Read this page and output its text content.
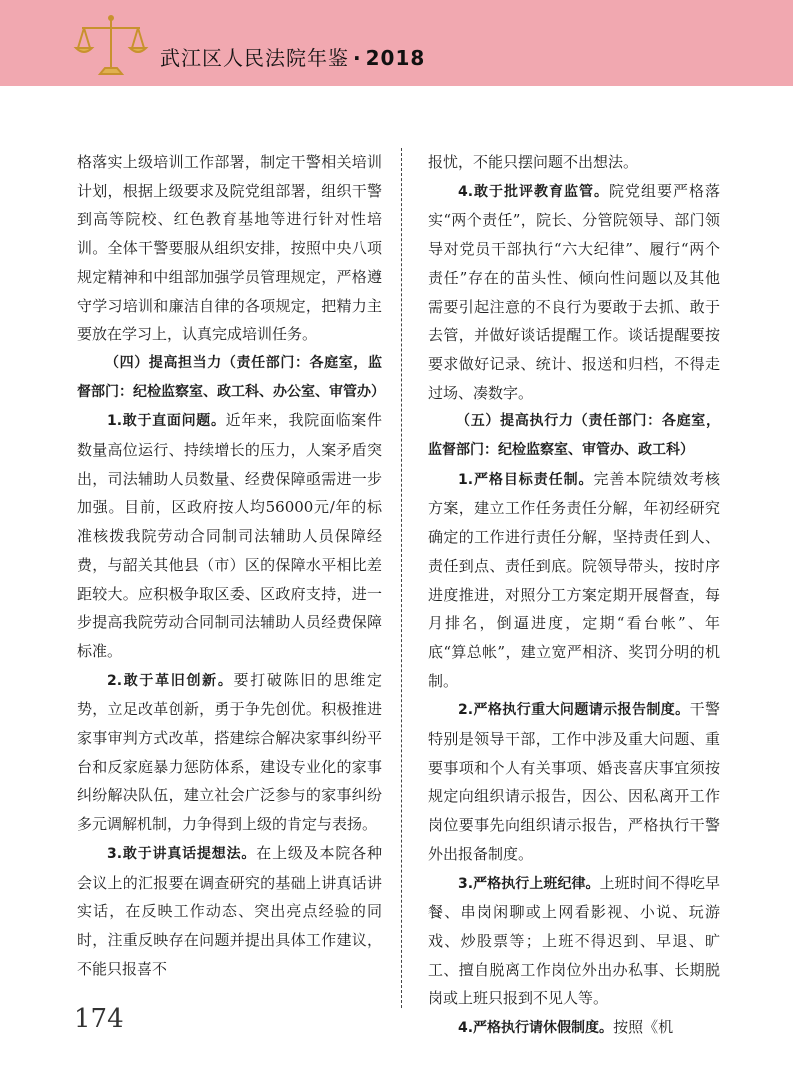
武江区人民法院年鉴 · 2018

格落实上级培训工作部署，制定干警相关培训计划，根据上级要求及院党组部署，组织干警到高等院校、红色教育基地等进行针对性培训。全体干警要服从组织安排，按照中央八项规定精神和中组部加强学员管理规定，严格遵守学习培训和廉洁自律的各项规定，把精力主要放在学习上，认真完成培训任务。

（四）提高担当力（责任部门：各庭室，监督部门：纪检监察室、政工科、办公室、审管办）

1.敢于直面问题。近年来，我院面临案件数量高位运行、持续增长的压力，人案矛盾突出，司法辅助人员数量、经费保障亟需进一步加强。目前，区政府按人均56000元/年的标准核拨我院劳动合同制司法辅助人员保障经费，与韶关其他县（市）区的保障水平相比差距较大。应积极争取区委、区政府支持，进一步提高我院劳动合同制司法辅助人员经费保障标准。

2.敢于革旧创新。要打破陈旧的思维定势，立足改革创新，勇于争先创优。积极推进家事审判方式改革，搭建综合解决家事纠纷平台和反家庭暴力惩防体系，建设专业化的家事纠纷解决队伍，建立社会广泛参与的家事纠纷多元调解机制，力争得到上级的肯定与表扬。

3.敢于讲真话提想法。在上级及本院各种会议上的汇报要在调查研究的基础上讲真话讲实话，在反映工作动态、突出亮点经验的同时，注重反映存在问题并提出具体工作建议，不能只报喜不

报忧，不能只摆问题不出想法。

4.敢于批评教育监管。院党组要严格落实“两个责任”，院长、分管院领导、部门领导对党员干部执行“六大纪律”、履行“两个责任”存在的苗头性、倾向性问题以及其他需要引起注意的不良行为要敢于去抓、敢于去管，并做好谈话提醒工作。谈话提醒要按要求做好记录、统计、报送和归档，不得走过场、凑数字。

（五）提高执行力（责任部门：各庭室，监督部门：纪检监察室、审管办、政工科）

1.严格目标责任制。完善本院绩效考核方案，建立工作任务责任分解，年初经研究确定的工作进行责任分解，坚持责任到人、责任到点、责任到底。院领导带头，按时序进度推进，对照分工方案定期开展督查，每月排名，倒逼进度，定期“看台帐”、年底“算总帐”，建立宽严相济、奖罚分明的机制。

2.严格执行重大问题请示报告制度。干警特别是领导干部，工作中涉及重大问题、重要事项和个人有关事项、婚丧喜庆事宜须按规定向组织请示报告，因公、因私离开工作岗位要事先向组织请示报告，严格执行干警外出报备制度。

3.严格执行上班纪律。上班时间不得吃早餐、串岗闲聊或上网看影视、小说、玩游戏、炒股票等；上班不得迟到、早退、旷工、擅自脱离工作岗位外出办私事、长期脱岗或上班只报到不见人等。

4.严格执行请休假制度。按照《机

174
